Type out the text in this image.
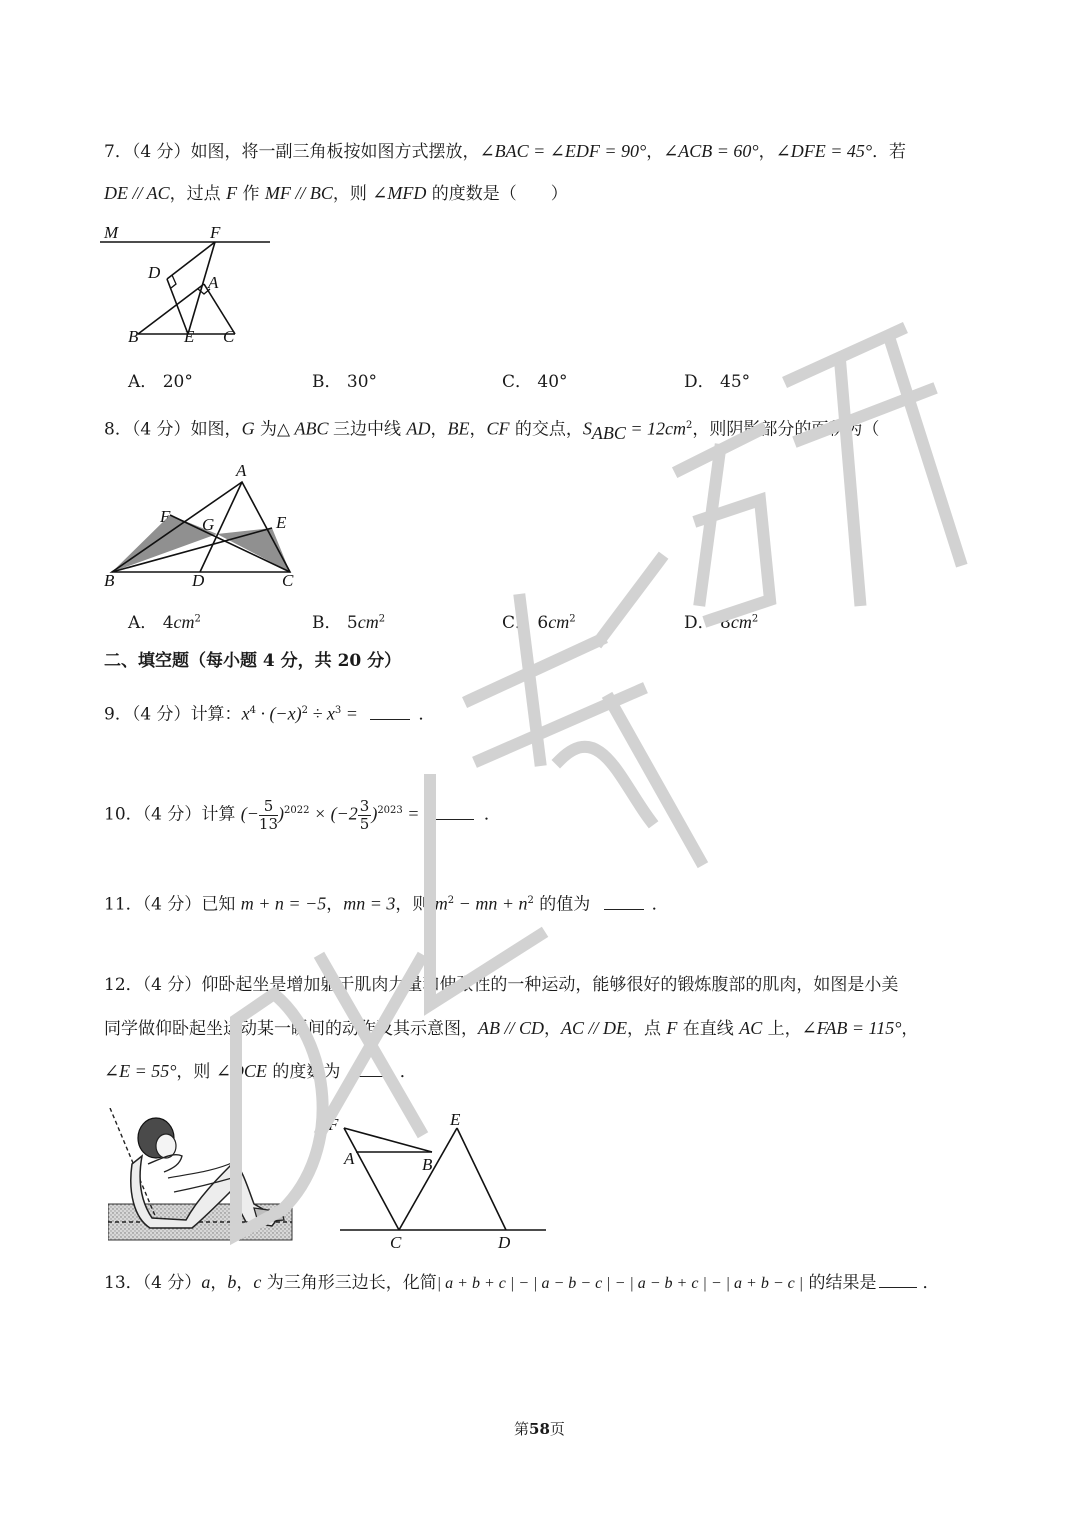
7．（4 分）如图，将一副三角板按如图方式摆放，∠BAC = ∠EDF = 90°，∠ACB = 60°，∠DFE = 45°．若
DE // AC，过点 F 作 MF // BC，则 ∠MFD 的度数是（　　）
M	F
D
A
B	E C
A． 20°	B． 30°	C． 40°	D． 45°
8．（4 分）如图，G 为△ ABC 三边中线 AD，BE，CF 的交点，$S_{ABC} = 12cm^2$，则阴影部分的面积为（　　）
A
F G	E
B	D	C
A． $4cm^2$	B． $5cm^2$	C． $6cm^2$	D． $8cm^2$
二、填空题（每小题 4 分，共 20 分）
9．（4 分）计算：$x^4 \cdot (-x)^2 \div x^3$ =	．
10．（4 分）计算 (− $\frac{5}{13} )^{2022} \times (-2 \frac{3}{5} )^{2023}$ =	．
11．（4 分）已知 m + n = −5，mn = 3，则 $m^2$ − mn + $n^2$ 的值为	．
12．（4 分）仰卧起坐是增加躯干肌肉力量和伸张性的一种运动，能够很好的锻炼腹部的肌肉，如图是小美
同学做仰卧起坐运动某一瞬间的动作及其示意图，AB // CD，AC // DE，点 F 在直线 AC 上，∠FAB = 115°，
∠E = 55°，则 ∠DCE 的度数为	．
F
A	B
E
C	D
13．（4 分）a，b，c 为三角形三边长，化简| a + b + c | − | a − b − c | − | a − b + c | − | a + b − c | 的结果是	．
第58页
